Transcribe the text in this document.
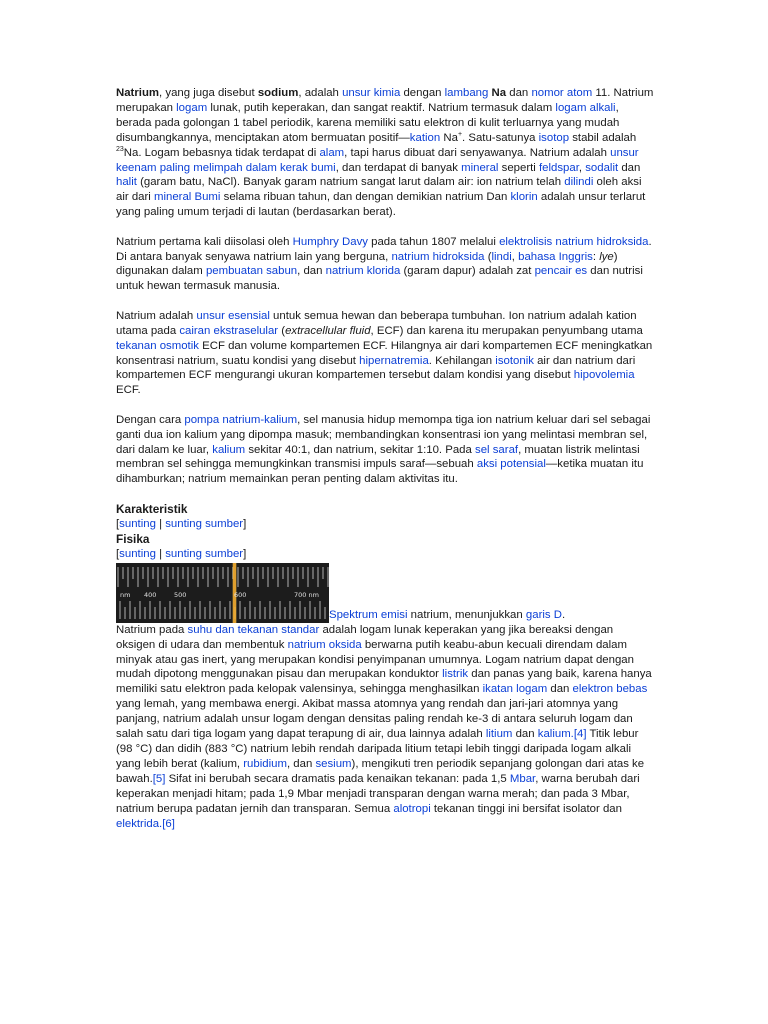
Natrium, yang juga disebut sodium, adalah unsur kimia dengan lambang Na dan nomor atom 11. Natrium merupakan logam lunak, putih keperakan, dan sangat reaktif. Natrium termasuk dalam logam alkali, berada pada golongan 1 tabel periodik, karena memiliki satu elektron di kulit terluarnya yang mudah disumbangkannya, menciptakan atom bermuatan positif—kation Na+. Satu-satunya isotop stabil adalah $^{23}$Na. Logam bebasnya tidak terdapat di alam, tapi harus dibuat dari senyawanya. Natrium adalah unsur keenam paling melimpah dalam kerak bumi, dan terdapat di banyak mineral seperti feldspar, sodalit dan halit (garam batu, NaCl). Banyak garam natrium sangat larut dalam air: ion natrium telah dilindi oleh aksi air dari mineral Bumi selama ribuan tahun, dan dengan demikian natrium Dan klorin adalah unsur terlarut yang paling umum terjadi di lautan (berdasarkan berat).

Natrium pertama kali diisolasi oleh Humphry Davy pada tahun 1807 melalui elektrolisis natrium hidroksida. Di antara banyak senyawa natrium lain yang berguna, natrium hidroksida (lindi, bahasa Inggris: lye) digunakan dalam pembuatan sabun, dan natrium klorida (garam dapur) adalah zat pencair es dan nutrisi untuk hewan termasuk manusia.

Natrium adalah unsur esensial untuk semua hewan dan beberapa tumbuhan. Ion natrium adalah kation utama pada cairan ekstraselular (extracellular fluid, ECF) dan karena itu merupakan penyumbang utama tekanan osmotik ECF dan volume kompartemen ECF. Hilangnya air dari kompartemen ECF meningkatkan konsentrasi natrium, suatu kondisi yang disebut hipernatremia. Kehilangan isotonik air dan natrium dari kompartemen ECF mengurangi ukuran kompartemen tersebut dalam kondisi yang disebut hipovolemia ECF.

Dengan cara pompa natrium-kalium, sel manusia hidup memompa tiga ion natrium keluar dari sel sebagai ganti dua ion kalium yang dipompa masuk; membandingkan konsentrasi ion yang melintasi membran sel, dari dalam ke luar, kalium sekitar 40:1, dan natrium, sekitar 1:10. Pada sel saraf, muatan listrik melintasi membran sel sehingga memungkinkan transmisi impuls saraf—sebuah aksi potensial—ketika muatan itu dihamburkan; natrium memainkan peran penting dalam aktivitas itu.

Karakteristik
[sunting | sunting sumber]
Fisika
[sunting | sunting sumber]
nm 400	500	600	700 nm
Spektrum emisi natrium, menunjukkan garis D.

Natrium pada suhu dan tekanan standar adalah logam lunak keperakan yang jika bereaksi dengan oksigen di udara dan membentuk natrium oksida berwarna putih keabu-abun kecuali direndam dalam minyak atau gas inert, yang merupakan kondisi penyimpanan umumnya. Logam natrium dapat dengan mudah dipotong menggunakan pisau dan merupakan konduktor listrik dan panas yang baik, karena hanya memiliki satu elektron pada kelopak valensinya, sehingga menghasilkan ikatan logam dan elektron bebas yang lemah, yang membawa energi. Akibat massa atomnya yang rendah dan jari-jari atomnya yang panjang, natrium adalah unsur logam dengan densitas paling rendah ke-3 di antara seluruh logam dan salah satu dari tiga logam yang dapat terapung di air, dua lainnya adalah litium dan kalium.[4] Titik lebur (98 °C) dan didih (883 °C) natrium lebih rendah daripada litium tetapi lebih tinggi daripada logam alkali yang lebih berat (kalium, rubidium, dan sesium), mengikuti tren periodik sepanjang golongan dari atas ke bawah.[5] Sifat ini berubah secara dramatis pada kenaikan tekanan: pada 1,5 Mbar, warna berubah dari keperakan menjadi hitam; pada 1,9 Mbar menjadi transparan dengan warna merah; dan pada 3 Mbar, natrium berupa padatan jernih dan transparan. Semua alotropi tekanan tinggi ini bersifat isolator dan elektrida.[6]
